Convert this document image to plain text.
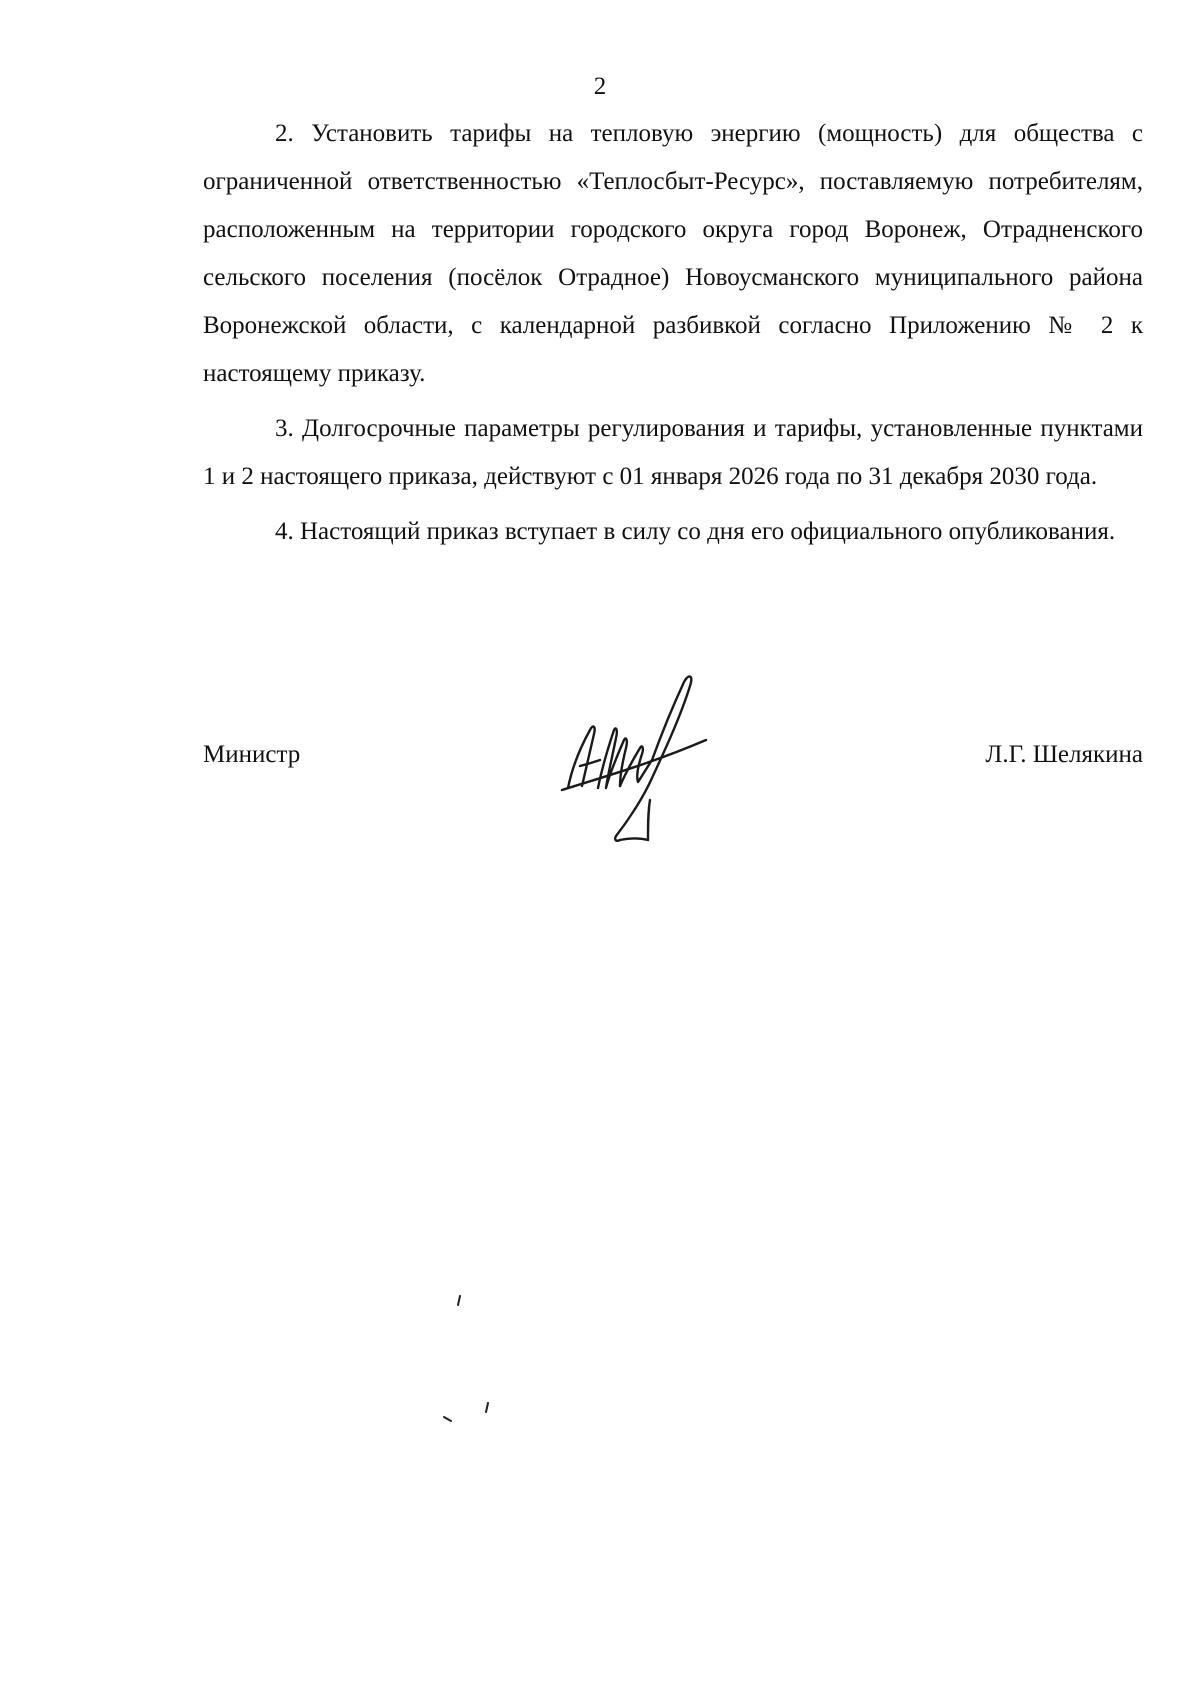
2

2. Установить тарифы на тепловую энергию (мощность) для общества с ограниченной ответственностью «Теплосбыт-Ресурс», поставляемую потребителям, расположенным на территории городского округа город Воронеж, Отрадненского сельского поселения (посёлок Отрадное) Новоусманского муниципального района Воронежской области, с календарной разбивкой согласно Приложению № 2 к настоящему приказу.

3. Долгосрочные параметры регулирования и тарифы, установленные пунктами 1 и 2 настоящего приказа, действуют с 01 января 2026 года по 31 декабря 2030 года.

4. Настоящий приказ вступает в силу со дня его официального опубликования.

Министр	Л.Г. Шелякина
